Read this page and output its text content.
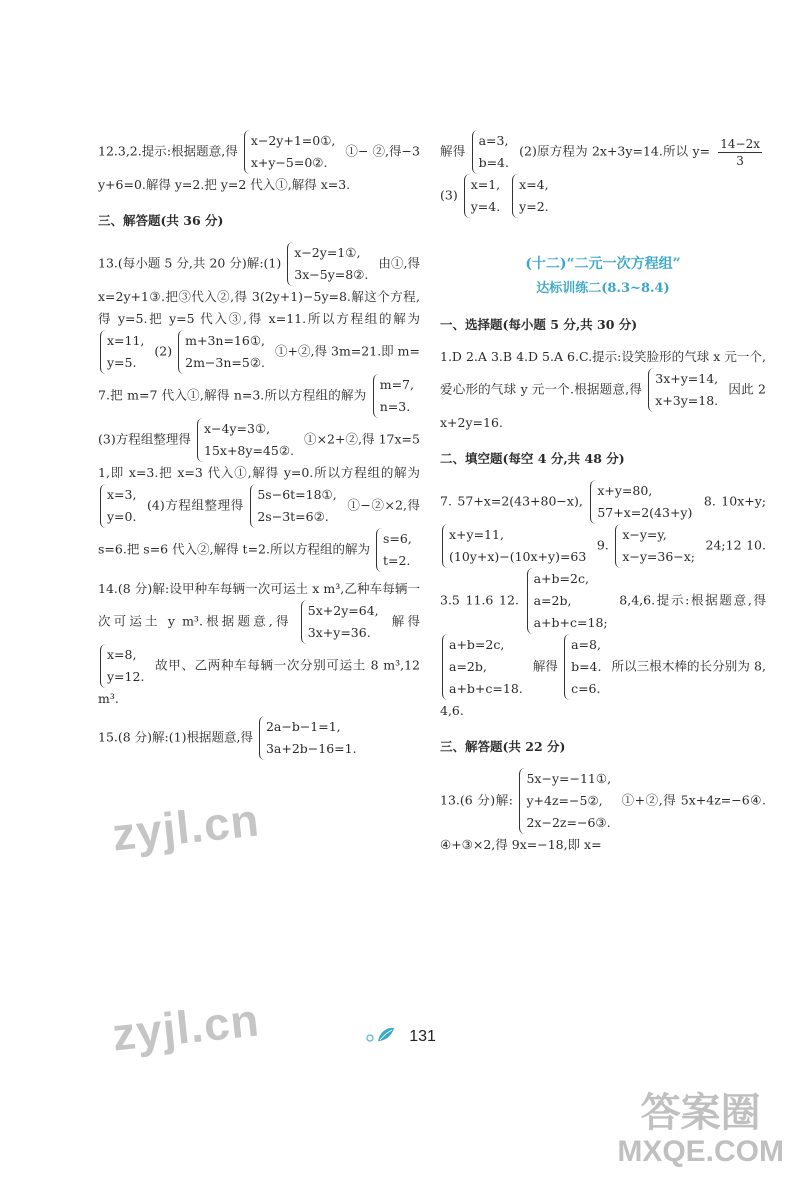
12.3,2.提示:根据题意,得
x−2y+1=0①,
x+y−5=0②.
①− ②,得−3y+6=0.解得 y=2.把 y=2 代入①,解得 x=3.

三、解答题(共 36 分)

13.(每小题 5 分,共 20 分)解:(1)
x−2y=1①,
3x−5y=8②.
由①,得 x=2y+1③.把③代入②,得 3(2y+1)−5y=8.解这个方程,得 y=5.把 y=5 代入③,得 x=11.所以方程组的解为
x=11,
y=5.
(2)
m+3n=16①,
2m−3n=5②.
①+②,得 3m=21.即 m=7.把 m=7 代入①,解得 n=3.所以方程组的解为
m=7,
n=3.
(3)方程组整理得
x−4y=3①,
15x+8y=45②.
①×2+②,得 17x=51,即 x=3.把 x=3 代入①,解得 y=0.所以方程组的解为
x=3,
y=0.
(4)方程组整理得
5s−6t=18①,
2s−3t=6②.
①−②×2,得 s=6.把 s=6 代入②,解得 t=2.所以方程组的解为
s=6,
t=2.

14.(8 分)解:设甲种车每辆一次可运土 x m³,乙种车每辆一次可运土 y m³.根据题意,得
5x+2y=64,
3x+y=36.
解得
x=8,
y=12.
故甲、乙两种车每辆一次分别可运土 8 m³,12 m³.

15.(8 分)解:(1)根据题意,得
2a−b−1=1,
3a+2b−16=1.

解得
a=3,
b=4.
(2)原方程为 2x+3y=14.所以 $y= \frac{14-2x}{3}$
(3)
x=1,
y=4.

x=4,
y=2.

(十二)“二元一次方程组”

达标训练二(8.3~8.4)

一、选择题(每小题 5 分,共 30 分)

1.D 2.A 3.B 4.D 5.A 6.C.提示:设笑脸形的气球 x 元一个,爱心形的气球 y 元一个.根据题意,得
3x+y=14,
x+3y=18.
因此 2x+2y=16.

二、填空题(每空 4 分,共 48 分)

7. 57+x=2(43+80−x),
x+y=80,
57+x=2(43+y)
8. 10x+y;
x+y=11,
(10y+x)−(10x+y)=63
9.
x−y=y,
x−y=36−x;
24;12 10.3.5 11.6 12.
a+b=2c,
a=2b,
a+b+c=18;
8,4,6.提示:根据题意,得
a+b=2c,
a=2b,
a+b+c=18.
解得
a=8,
b=4.
c=6.
所以三根木棒的长分别为 8,4,6.

三、解答题(共 22 分)

13.(6 分)解:
5x−y=−11①,
y+4z=−5②,
2x−2z=−6③.
①+②,得 5x+4z=−6④.④+③×2,得 9x=−18,即 x=

zyjl.cn
zyjl.cn	131
答案圈
MXQE.COM
